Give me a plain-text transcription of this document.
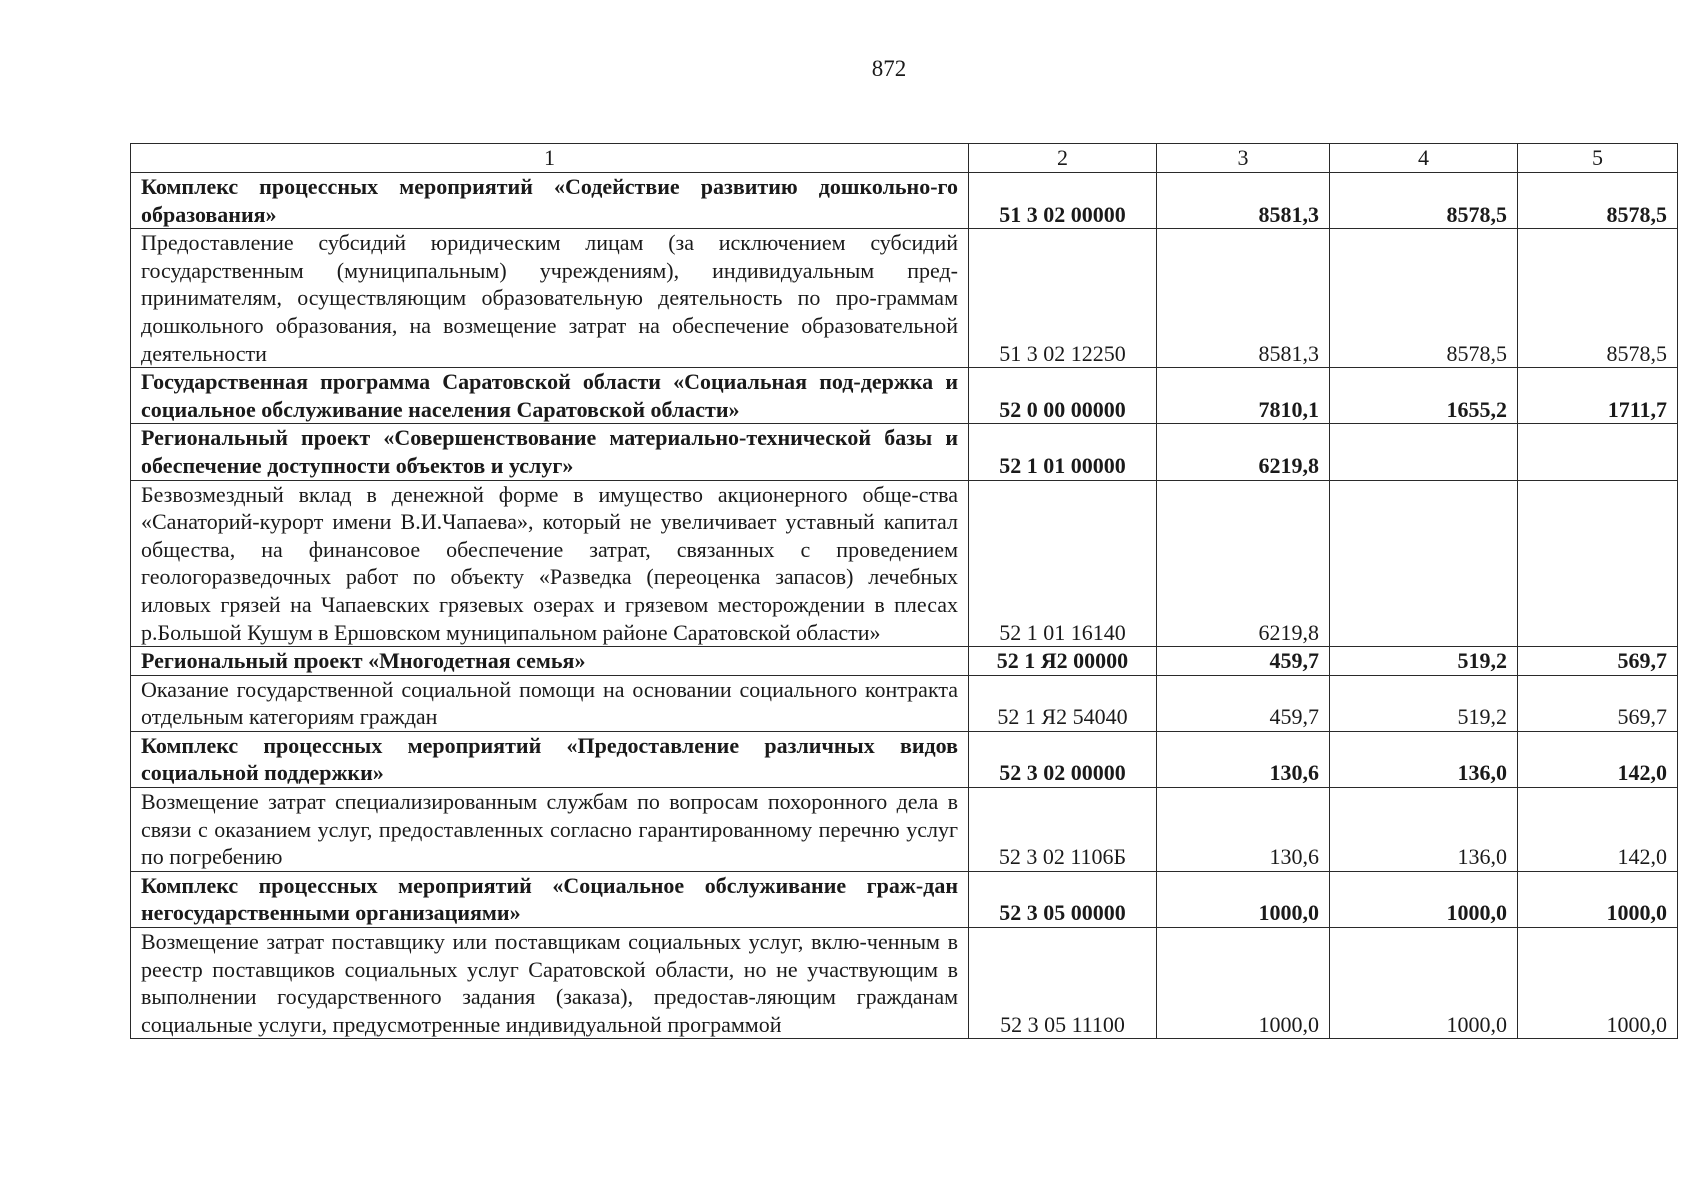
872
1	2	3	4	5
Комплекс процессных мероприятий «Содействие развитию дошкольно-го образования»	51 3 02 00000	8581,3	8578,5	8578,5
Предоставление субсидий юридическим лицам (за исключением субсидий государственным (муниципальным) учреждениям), индивидуальным пред-принимателям, осуществляющим образовательную деятельность по про-граммам дошкольного образования, на возмещение затрат на обеспечение образовательной деятельности	51 3 02 12250	8581,3	8578,5	8578,5
Государственная программа Саратовской области «Социальная под-держка и социальное обслуживание населения Саратовской области»	52 0 00 00000	7810,1	1655,2	1711,7
Региональный проект «Совершенствование материально-технической базы и обеспечение доступности объектов и услуг»	52 1 01 00000	6219,8		
Безвозмездный вклад в денежной форме в имущество акционерного обще-ства «Санаторий-курорт имени В.И.Чапаева», который не увеличивает уставный капитал общества, на финансовое обеспечение затрат, связанных с проведением геологоразведочных работ по объекту «Разведка (переоценка запасов) лечебных иловых грязей на Чапаевских грязевых озерах и грязевом месторождении в плесах р.Большой Кушум в Ершовском муниципальном районе Саратовской области»	52 1 01 16140	6219,8		
Региональный проект «Многодетная семья»	52 1 Я2 00000	459,7	519,2	569,7
Оказание государственной социальной помощи на основании социального контракта отдельным категориям граждан	52 1 Я2 54040	459,7	519,2	569,7
Комплекс процессных мероприятий «Предоставление различных видов социальной поддержки»	52 3 02 00000	130,6	136,0	142,0
Возмещение затрат специализированным службам по вопросам похоронного дела в связи с оказанием услуг, предоставленных согласно гарантированному перечню услуг по погребению	52 3 02 1106Б	130,6	136,0	142,0
Комплекс процессных мероприятий «Социальное обслуживание граж-дан негосударственными организациями»	52 3 05 00000	1000,0	1000,0	1000,0
Возмещение затрат поставщику или поставщикам социальных услуг, вклю-ченным в реестр поставщиков социальных услуг Саратовской области, но не участвующим в выполнении государственного задания (заказа), предостав-ляющим гражданам социальные услуги, предусмотренные индивидуальной программой	52 3 05 11100	1000,0	1000,0	1000,0
